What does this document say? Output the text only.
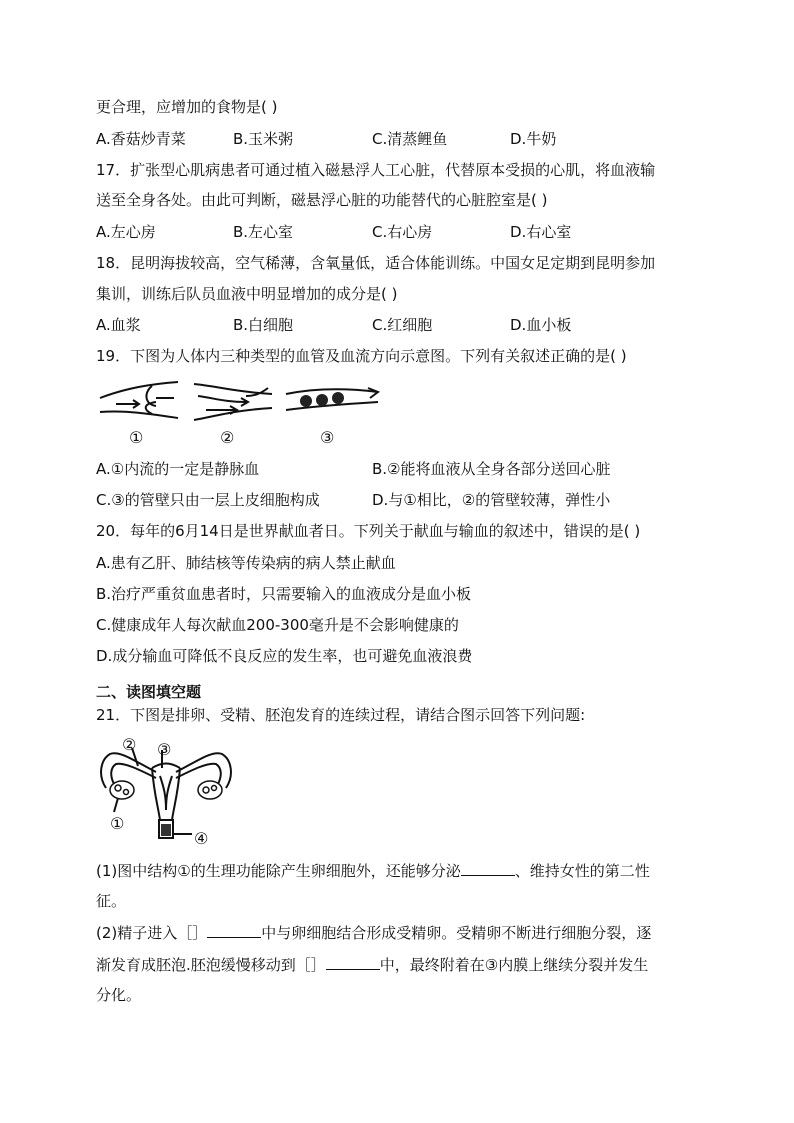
更合理，应增加的食物是( )
A.香菇炒青菜	B.玉米粥	C.清蒸鲤鱼	D.牛奶
17．扩张型心肌病患者可通过植入磁悬浮人工心脏，代替原本受损的心肌，将血液输
送至全身各处。由此可判断，磁悬浮心脏的功能替代的心脏腔室是( )
A.左心房	B.左心室	C.右心房	D.右心室
18．昆明海拔较高，空气稀薄，含氧量低，适合体能训练。中国女足定期到昆明参加
集训，训练后队员血液中明显增加的成分是( )
A.血浆	B.白细胞	C.红细胞	D.血小板
19．下图为人体内三种类型的血管及血流方向示意图。下列有关叙述正确的是( )
①	②	③
A.①内流的一定是静脉血	B.②能将血液从全身各部分送回心脏
C.③的管壁只由一层上皮细胞构成	D.与①相比，②的管壁较薄，弹性小
20．每年的6月14日是世界献血者日。下列关于献血与输血的叙述中，错误的是( )
A.患有乙肝、肺结核等传染病的病人禁止献血
B.治疗严重贫血患者时，只需要输入的血液成分是血小板
C.健康成年人每次献血200-300毫升是不会影响健康的
D.成分输血可降低不良反应的发生率，也可避免血液浪费
二、读图填空题
21．下图是排卵、受精、胚泡发育的连续过程，请结合图示回答下列问题:
② ③
①
④
(1)图中结构①的生理功能除产生卵细胞外，还能够分泌	、维持女性的第二性
征。
(2)精子进入［］	中与卵细胞结合形成受精卵。受精卵不断进行细胞分裂，逐
渐发育成胚泡.胚泡缓慢移动到［］	中，最终附着在③内膜上继续分裂并发生
分化。
